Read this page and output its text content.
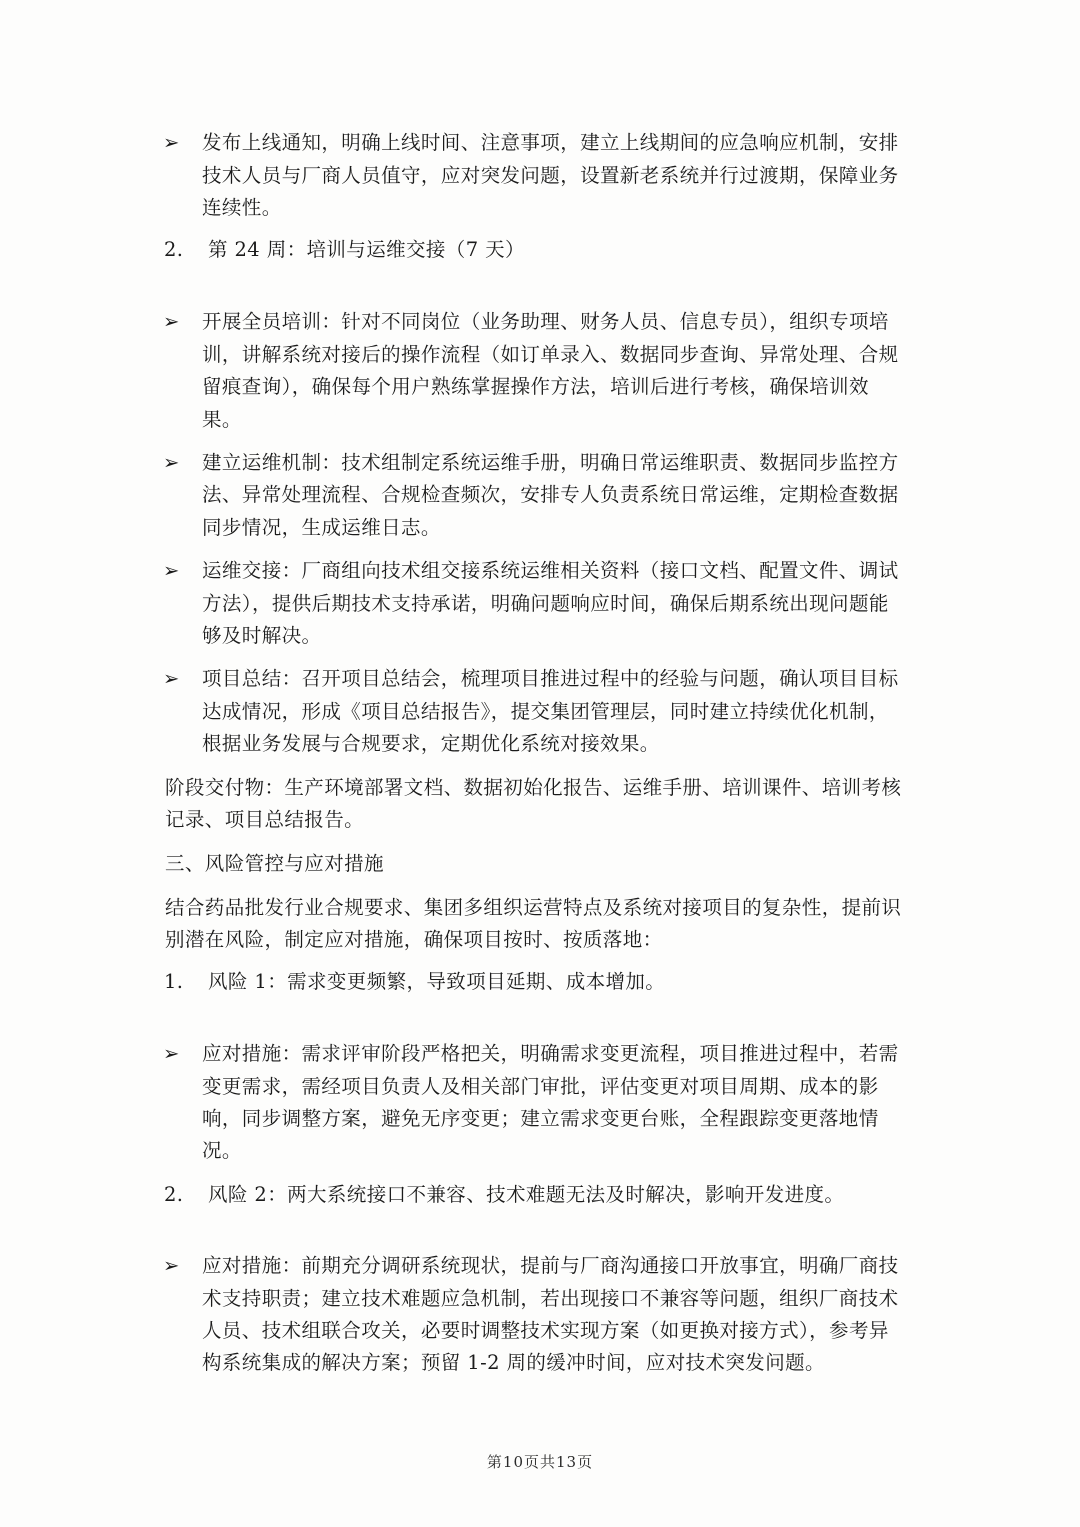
➢	发布上线通知，明确上线时间、注意事项，建立上线期间的应急响应机制，安排
技术人员与厂商人员值守，应对突发问题，设置新老系统并行过渡期，保障业务
连续性。
2. 第 24 周：培训与运维交接（7 天）
➢	开展全员培训：针对不同岗位（业务助理、财务人员、信息专员），组织专项培
训，讲解系统对接后的操作流程（如订单录入、数据同步查询、异常处理、合规
留痕查询），确保每个用户熟练掌握操作方法，培训后进行考核，确保培训效
果。
➢	建立运维机制：技术组制定系统运维手册，明确日常运维职责、数据同步监控方
法、异常处理流程、合规检查频次，安排专人负责系统日常运维，定期检查数据
同步情况，生成运维日志。
➢	运维交接：厂商组向技术组交接系统运维相关资料（接口文档、配置文件、调试
方法），提供后期技术支持承诺，明确问题响应时间，确保后期系统出现问题能
够及时解决。
➢	项目总结：召开项目总结会，梳理项目推进过程中的经验与问题，确认项目目标
达成情况，形成《项目总结报告》，提交集团管理层，同时建立持续优化机制，
根据业务发展与合规要求，定期优化系统对接效果。
阶段交付物：生产环境部署文档、数据初始化报告、运维手册、培训课件、培训考核
记录、项目总结报告。
三、风险管控与应对措施
结合药品批发行业合规要求、集团多组织运营特点及系统对接项目的复杂性，提前识
别潜在风险，制定应对措施，确保项目按时、按质落地：
1. 风险 1：需求变更频繁，导致项目延期、成本增加。
➢	应对措施：需求评审阶段严格把关，明确需求变更流程，项目推进过程中，若需
变更需求，需经项目负责人及相关部门审批，评估变更对项目周期、成本的影
响，同步调整方案，避免无序变更；建立需求变更台账，全程跟踪变更落地情
况。
2. 风险 2：两大系统接口不兼容、技术难题无法及时解决，影响开发进度。
➢	应对措施：前期充分调研系统现状，提前与厂商沟通接口开放事宜，明确厂商技
术支持职责；建立技术难题应急机制，若出现接口不兼容等问题，组织厂商技术
人员、技术组联合攻关，必要时调整技术实现方案（如更换对接方式），参考异
构系统集成的解决方案；预留 1-2 周的缓冲时间，应对技术突发问题。
第10页共13页
